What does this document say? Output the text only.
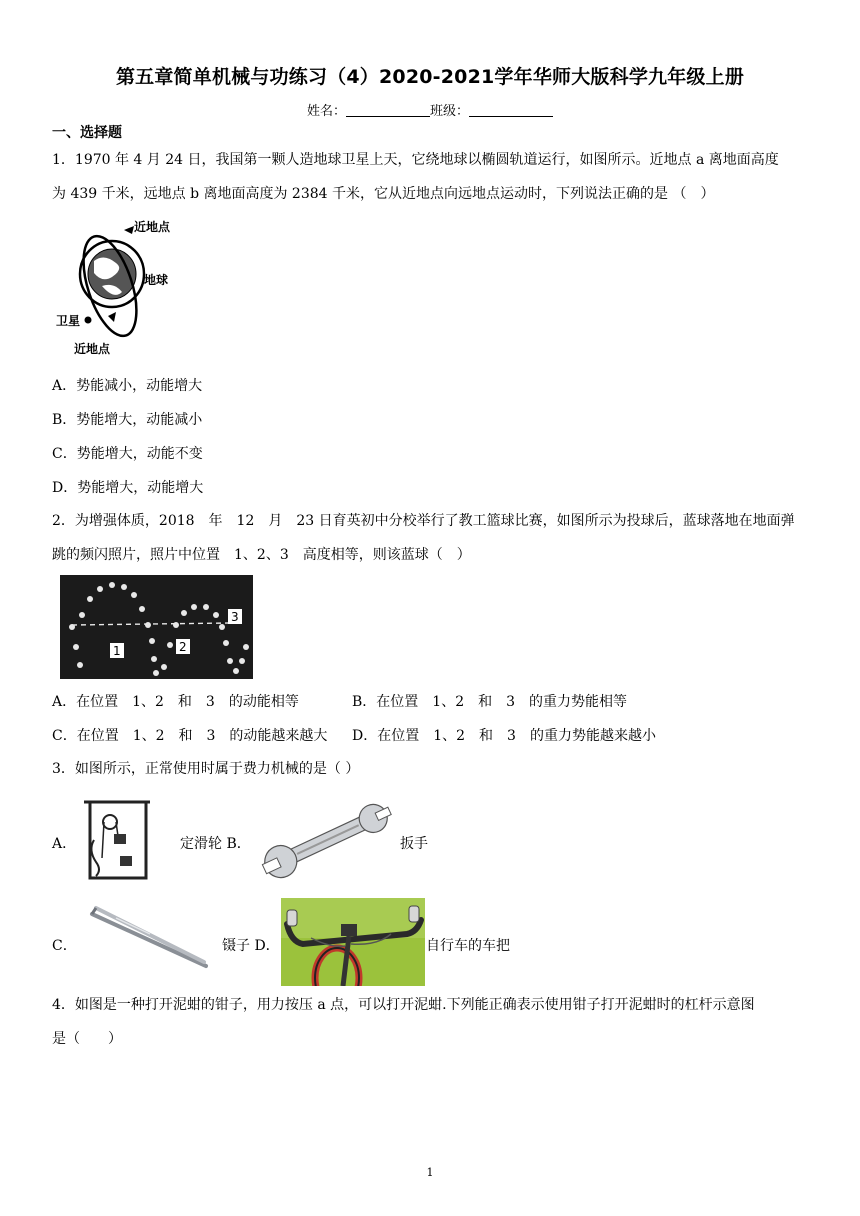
第五章简单机械与功练习（4）2020-2021学年华师大版科学九年级上册
姓名：	班级：
一、选择题
1．1970 年 4 月 24 日，我国第一颗人造地球卫星上天，它绕地球以椭圆轨道运行，如图所示。近地点 a 离地面高度
为 439 千米，远地点 b 离地面高度为 2384 千米，它从近地点向远地点运动时，下列说法正确的是 （　）
近地点
地球
卫星
近地点
A．势能减小，动能增大
B．势能增大，动能减小
C．势能增大，动能不变
D．势能增大，动能增大
2．为增强体质，2018　年　12　月　23 日育英初中分校举行了教工篮球比赛，如图所示为投球后，蓝球落地在地面弹
跳的频闪照片，照片中位置　1、2、3　高度相等，则该蓝球（　）
1	2
3
A．在位置　1、2　和　3　的动能相等	B．在位置　1、2　和　3　的重力势能相等
C．在位置　1、2　和　3　的动能越来越大 D．在位置　1、2　和　3　的重力势能越来越小
3．如图所示，正常使用时属于费力机械的是（ ）
A．	定滑轮 B．	扳手
C．	镊子 D．	自行车的车把
4．如图是一种打开泥蚶的钳子，用力按压 a 点，可以打开泥蚶.下列能正确表示使用钳子打开泥蚶时的杠杆示意图
是（　　）
1
